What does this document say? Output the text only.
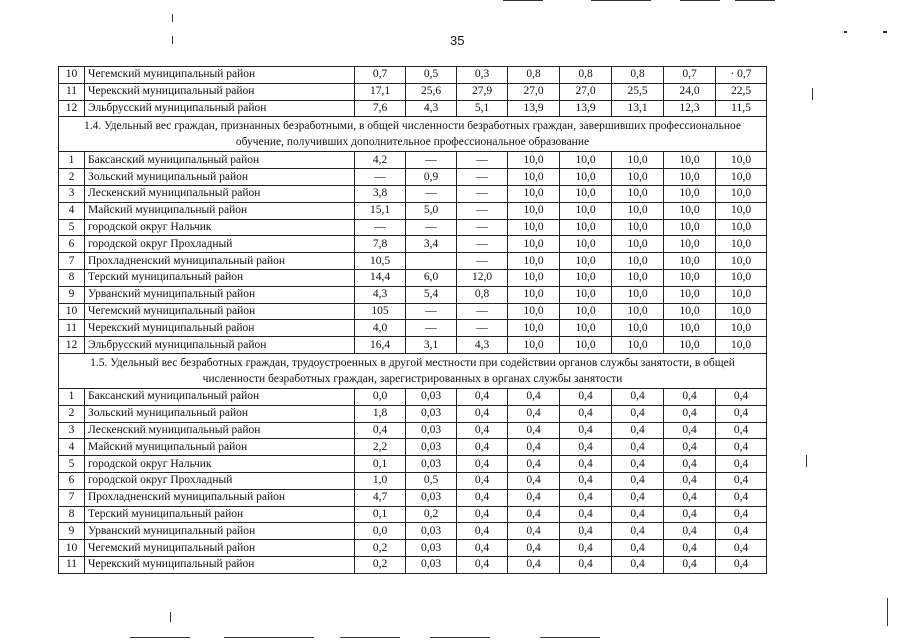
35
10	Чегемский муниципальный район	0,7	0,5	0,3	0,8	0,8	0,8	0,7	· 0,7
11	Черекский муниципальный район	17,1	25,6	27,9	27,0	27,0	25,5	24,0	22,5
12	Эльбрусский муниципальный район	7,6	4,3	5,1	13,9	13,9	13,1	12,3	11,5
1.4. Удельный вес граждан, признанных безработными, в общей численности безработных граждан, завершивших профессиональное обучение, получивших дополнительное профессиональное образование									
1	Баксанский муниципальный район	4,2	—	—	10,0	10,0	10,0	10,0	10,0
2	Зольский муниципальный район	—	0,9	—	10,0	10,0	10,0	10,0	10,0
3	Лескенский муниципальный район	3,8	—	—	10,0	10,0	10,0	10,0	10,0
4	Майский муниципальный район	15,1	5,0	—	10,0	10,0	10,0	10,0	10,0
5	городской округ Нальчик	—	—	—	10,0	10,0	10,0	10,0	10,0
6	городской округ Прохладный	7,8	3,4	—	10,0	10,0	10,0	10,0	10,0
7	Прохладненский муниципальный район	10,5		—	10,0	10,0	10,0	10,0	10,0
8	Терский муниципальный район	14,4	6,0	12,0	10,0	10,0	10,0	10,0	10,0
9	Урванский муниципальный район	4,3	5,4	0,8	10,0	10,0	10,0	10,0	10,0
10	Чегемский муниципальный район	105	—	—	10,0	10,0	10,0	10,0	10,0
11	Черекский муниципальный район	4,0	—	—	10,0	10,0	10,0	10,0	10,0
12	Эльбрусский муниципальный район	16,4	3,1	4,3	10,0	10,0	10,0	10,0	10,0
1.5. Удельный вес безработных граждан, трудоустроенных в другой местности при содействии органов службы занятости, в общей численности безработных граждан, зарегистрированных в органах службы занятости									
1	Баксанский муниципальный район	0,0	0,03	0,4	0,4	0,4	0,4	0,4	0,4
2	Зольский муниципальный район	1,8	0,03	0,4	0,4	0,4	0,4	0,4	0,4
3	Лескенский муниципальный район	0,4	0,03	0,4	0,4	0,4	0,4	0,4	0,4
4	Майский муниципальный район	2,2	0,03	0,4	0,4	0,4	0,4	0,4	0,4
5	городской округ Нальчик	0,1	0,03	0,4	0,4	0,4	0,4	0,4	0,4
6	городской округ Прохладный	1,0	0,5	0,4	0,4	0,4	0,4	0,4	0,4
7	Прохладненский муниципальный район	4,7	0,03	0,4	0,4	0,4	0,4	0,4	0,4
8	Терский муниципальный район	0,1	0,2	0,4	0,4	0,4	0,4	0,4	0,4
9	Урванский муниципальный район	0,0	0,03	0,4	0,4	0,4	0,4	0,4	0,4
10	Чегемский муниципальный район	0,2	0,03	0,4	0,4	0,4	0,4	0,4	0,4
11	Черекский муниципальный район	0,2	0,03	0,4	0,4	0,4	0,4	0,4	0,4
